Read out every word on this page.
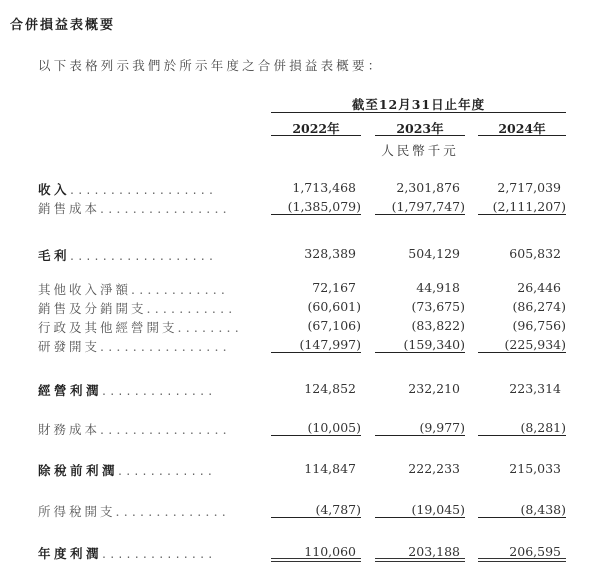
合併損益表概要
以下表格列示我們於所示年度之合併損益表概要：
截至12月31日止年度
2022年	2023年	2024年
人民幣千元
收入..................	1,713,468	2,301,876	2,717,039
銷售成本................	(1,385,079)	(1,797,747)	(2,111,207)
毛利..................	328,389	504,129	605,832
其他收入淨額............	72,167	44,918	26,446
銷售及分銷開支...........	(60,601)	(73,675)	(86,274)
行政及其他經營開支........	(67,106)	(83,822)	(96,756)
研發開支................	(147,997)	(159,340)	(225,934)
經營利潤..............	124,852	232,210	223,314
財務成本................	(10,005)	(9,977)	(8,281)
除稅前利潤............	114,847	222,233	215,033
所得稅開支..............	(4,787)	(19,045)	(8,438)
年度利潤..............	110,060	203,188	206,595
